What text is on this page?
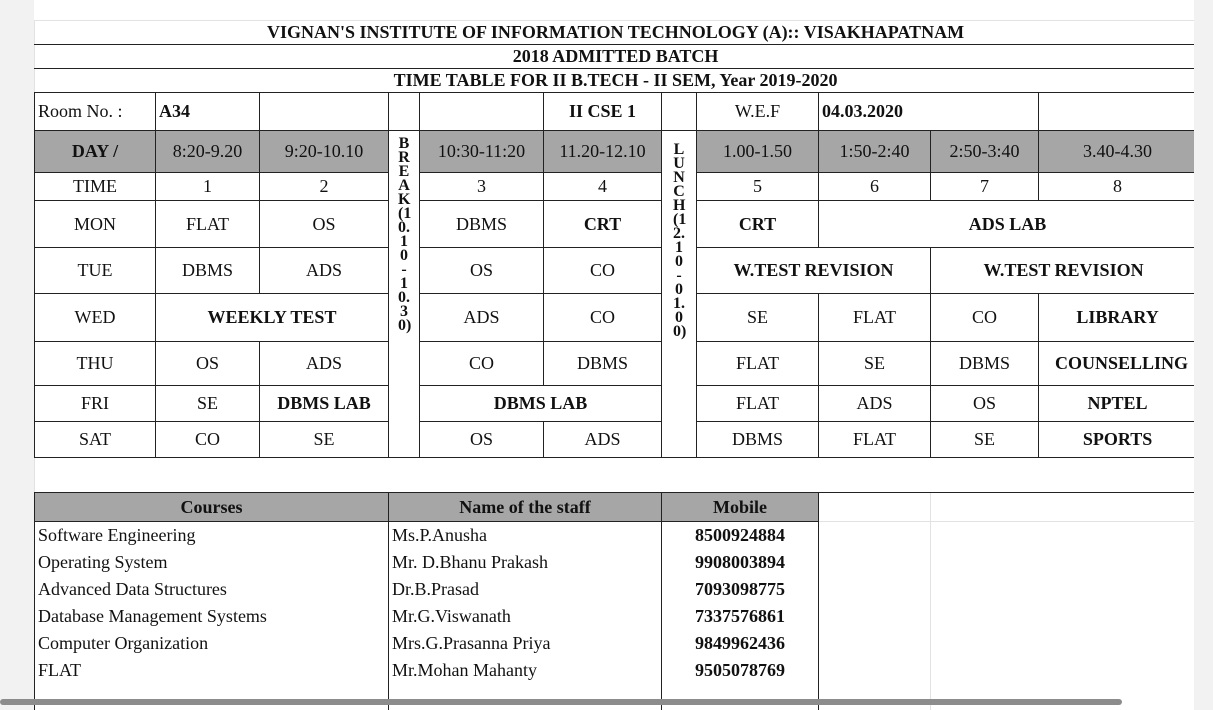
VIGNAN'S INSTITUTE OF INFORMATION TECHNOLOGY (A):: VISAKHAPATNAM										
2018 ADMITTED BATCH										
TIME TABLE FOR II B.TECH - II SEM, Year 2019-2020										
Room No. :	A34				II CSE 1		W.E.F	04.03.2020		
DAY /	8:20-9.20	9:20-10.10	BREAK(10.10-10.30)	10:30-11:20	11.20-12.10	LUNCH(12.10-01.00)	1.00-1.50	1:50-2:40	2:50-3:40	3.40-4.30
TIME	1	2		3	4		5	6	7	8
MON	FLAT	OS		DBMS	CRT		CRT	ADS LAB		
TUE	DBMS	ADS		OS	CO		W.TEST REVISION		W.TEST REVISION	
WED	WEEKLY TEST			ADS	CO		SE	FLAT	CO	LIBRARY
THU	OS	ADS		CO	DBMS		FLAT	SE	DBMS	COUNSELLING
FRI	SE	DBMS LAB		DBMS LAB			FLAT	ADS	OS	NPTEL
SAT	CO	SE		OS	ADS		DBMS	FLAT	SE	SPORTS

Courses			Name of the staff			Mobile				
Software Engineering			Ms.P.Anusha			8500924884				
Operating System			Mr. D.Bhanu Prakash			9908003894				
Advanced Data Structures			Dr.B.Prasad			7093098775				
Database Management Systems			Mr.G.Viswanath			7337576861				
Computer Organization			Mrs.G.Prasanna Priya			9849962436				
FLAT			Mr.Mohan Mahanty			9505078769				
